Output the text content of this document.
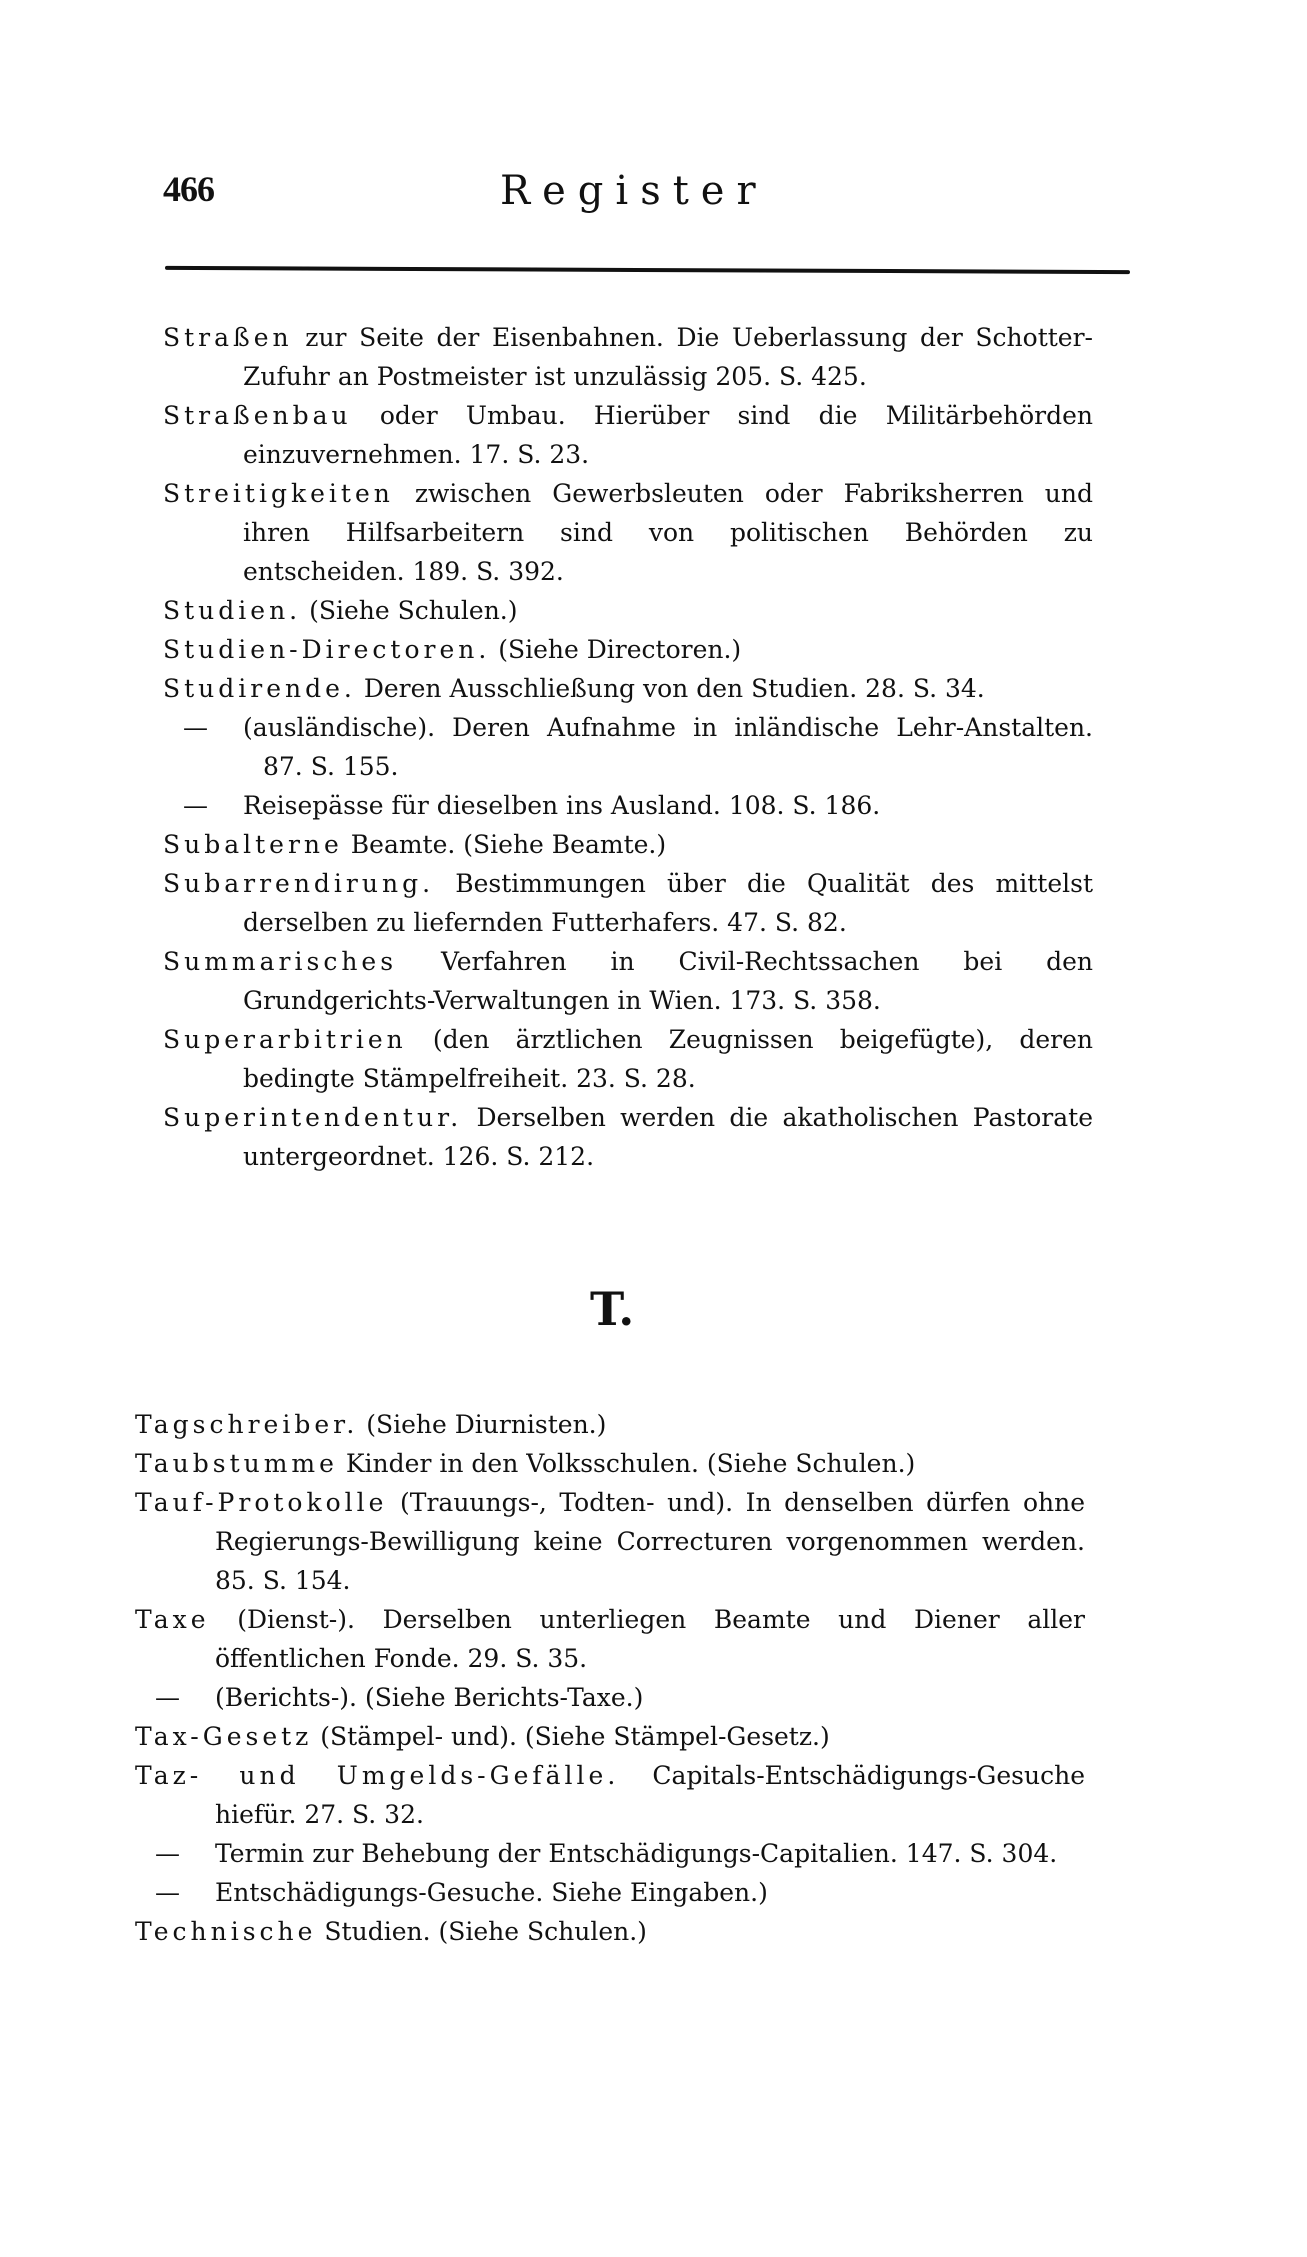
466	Register
Straßen zur Seite der Eisenbahnen. Die Ueberlassung der Schotter-Zufuhr an Postmeister ist unzulässig 205. S. 425.
Straßenbau oder Umbau. Hierüber sind die Militärbehörden einzuvernehmen. 17. S. 23.
Streitigkeiten zwischen Gewerbsleuten oder Fabriksherren und ihren Hilfsarbeitern sind von politischen Behörden zu entscheiden. 189. S. 392.
Studien. (Siehe Schulen.)
Studien-Directoren. (Siehe Directoren.)
Studirende. Deren Ausschließung von den Studien. 28. S. 34.
— (ausländische). Deren Aufnahme in inländische Lehr-Anstalten. 87. S. 155.
— Reisepässe für dieselben ins Ausland. 108. S. 186.
Subalterne Beamte. (Siehe Beamte.)
Subarrendirung. Bestimmungen über die Qualität des mittelst derselben zu liefernden Futterhafers. 47. S. 82.
Summarisches Verfahren in Civil-Rechtssachen bei den Grundgerichts-Verwaltungen in Wien. 173. S. 358.
Superarbitrien (den ärztlichen Zeugnissen beigefügte), deren bedingte Stämpelfreiheit. 23. S. 28.
Superintendentur. Derselben werden die akatholischen Pastorate untergeordnet. 126. S. 212.
T.
Tagschreiber. (Siehe Diurnisten.)
Taubstumme Kinder in den Volksschulen. (Siehe Schulen.)
Tauf-Protokolle (Trauungs-, Todten- und). In denselben dürfen ohne Regierungs-Bewilligung keine Correcturen vorgenommen werden. 85. S. 154.
Taxe (Dienst-). Derselben unterliegen Beamte und Diener aller öffentlichen Fonde. 29. S. 35.
— (Berichts-). (Siehe Berichts-Taxe.)
Tax-Gesetz (Stämpel- und). (Siehe Stämpel-Gesetz.)
Taz- und Umgelds-Gefälle. Capitals-Entschädigungs-Gesuche hiefür. 27. S. 32.
— Termin zur Behebung der Entschädigungs-Capitalien. 147. S. 304.
— Entschädigungs-Gesuche. Siehe Eingaben.)
Technische Studien. (Siehe Schulen.)
